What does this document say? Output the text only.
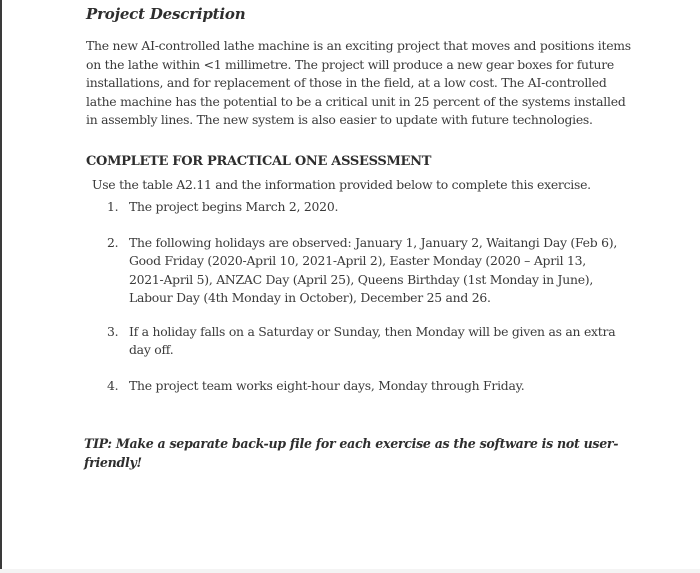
Project Description
The new AI-controlled lathe machine is an exciting project that moves and positions items
on the lathe within <1 millimetre. The project will produce a new gear boxes for future
installations, and for replacement of those in the field, at a low cost. The AI-controlled
lathe machine has the potential to be a critical unit in 25 percent of the systems installed
in assembly lines. The new system is also easier to update with future technologies.
COMPLETE FOR PRACTICAL ONE ASSESSMENT
Use the table A2.11 and the information provided below to complete this exercise.
1. The project begins March 2, 2020.
2. The following holidays are observed: January 1, January 2, Waitangi Day (Feb 6),
Good Friday (2020-April 10, 2021-April 2), Easter Monday (2020 – April 13,
2021-April 5), ANZAC Day (April 25), Queens Birthday (1st Monday in June),
Labour Day (4th Monday in October), December 25 and 26.
3. If a holiday falls on a Saturday or Sunday, then Monday will be given as an extra
day off.
4. The project team works eight-hour days, Monday through Friday.
TIP: Make a separate back-up file for each exercise as the software is not user-
friendly!
